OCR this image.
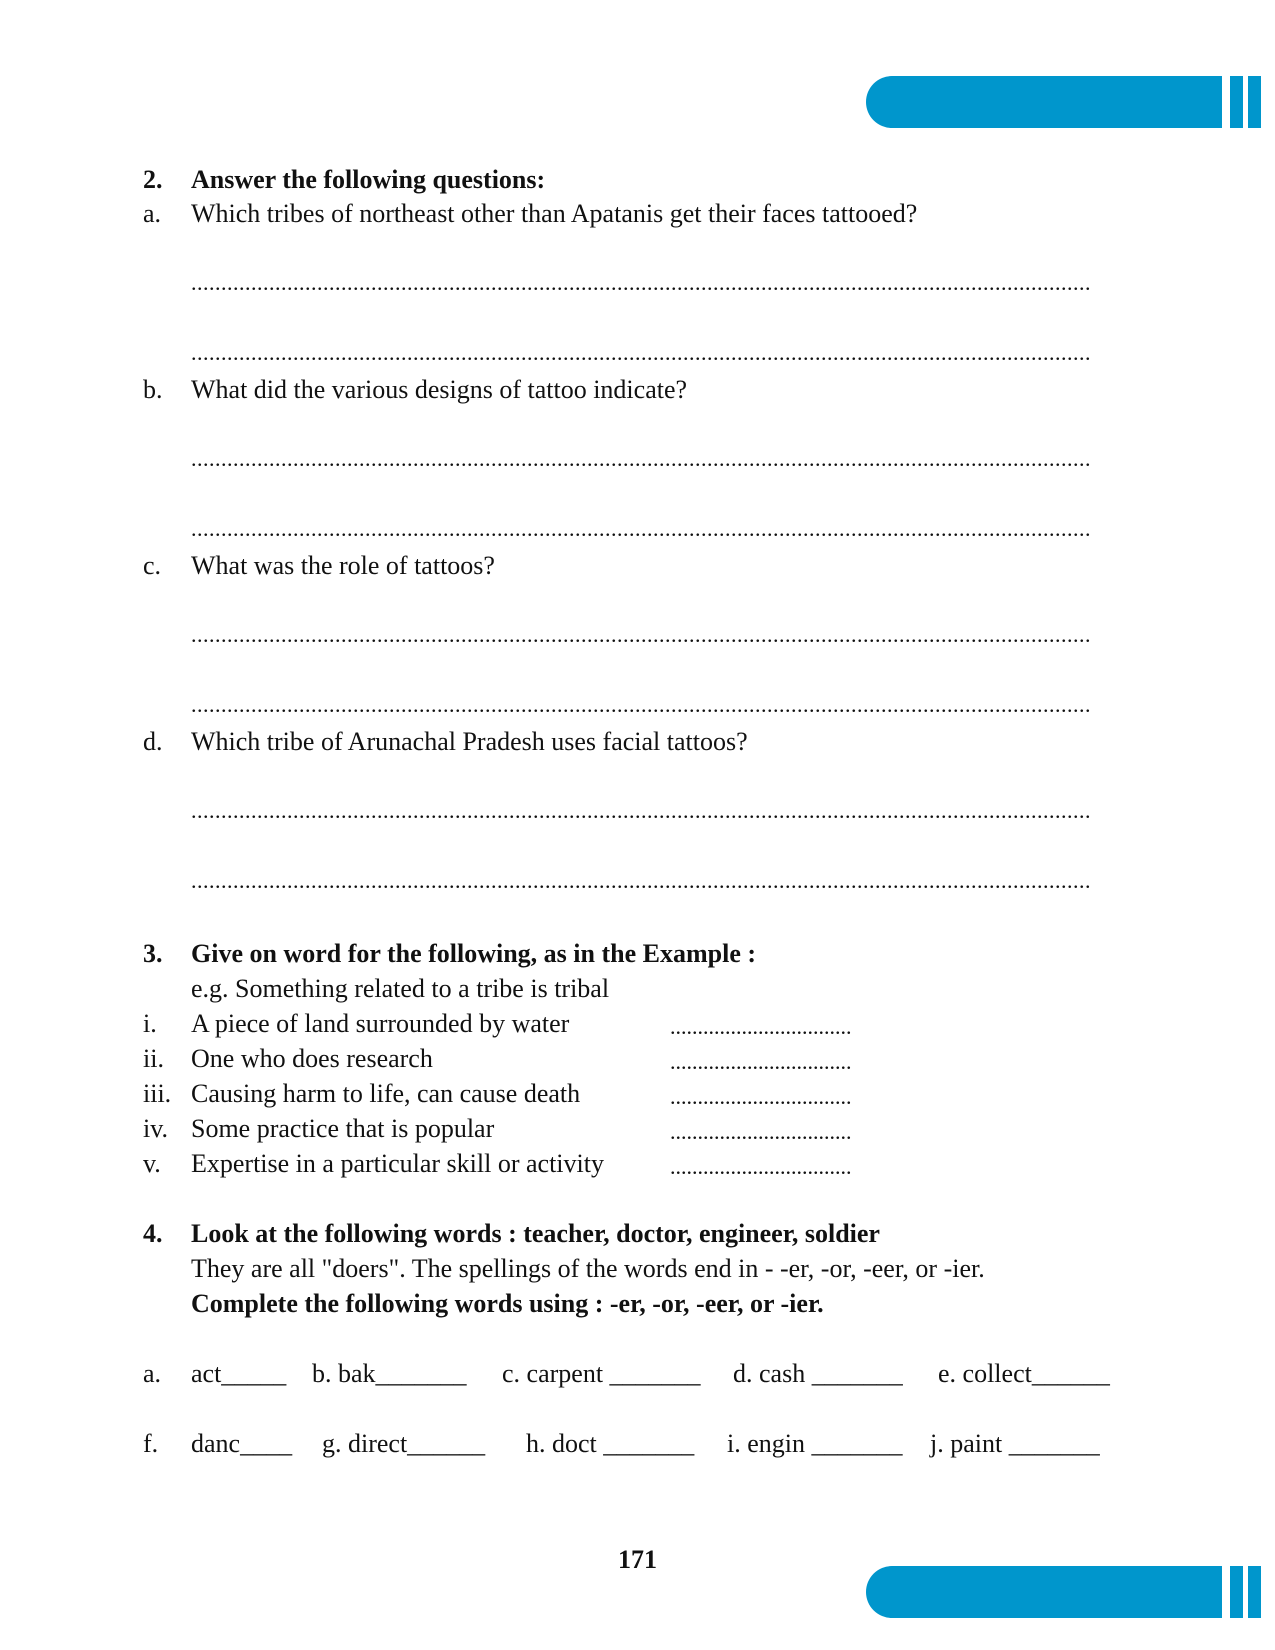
2. Answer the following questions:
a. Which tribes of northeast other than Apatanis get their faces tattooed?
......................................................................................................................................................
......................................................................................................................................................
b. What did the various designs of tattoo indicate?
......................................................................................................................................................
......................................................................................................................................................
c. What was the role of tattoos?
......................................................................................................................................................
......................................................................................................................................................
d. Which tribe of Arunachal Pradesh uses facial tattoos?
......................................................................................................................................................
......................................................................................................................................................
3. Give on word for the following, as in the Example :
e.g. Something related to a tribe is tribal
i. A piece of land surrounded by water	.................................
ii. One who does research	.................................
iii. Causing harm to life, can cause death	.................................
iv. Some practice that is popular	.................................
v. Expertise in a particular skill or activity	.................................
4. Look at the following words : teacher, doctor, engineer, soldier
They are all "doers". The spellings of the words end in - -er, -or, -eer, or -ier.
Complete the following words using : -er, -or, -eer, or -ier.
a. act_____ b. bak_______ c. carpent _______ d. cash _______ e. collect______
f. danc____ g. direct______ h. doct _______ i. engin _______ j. paint _______
171
